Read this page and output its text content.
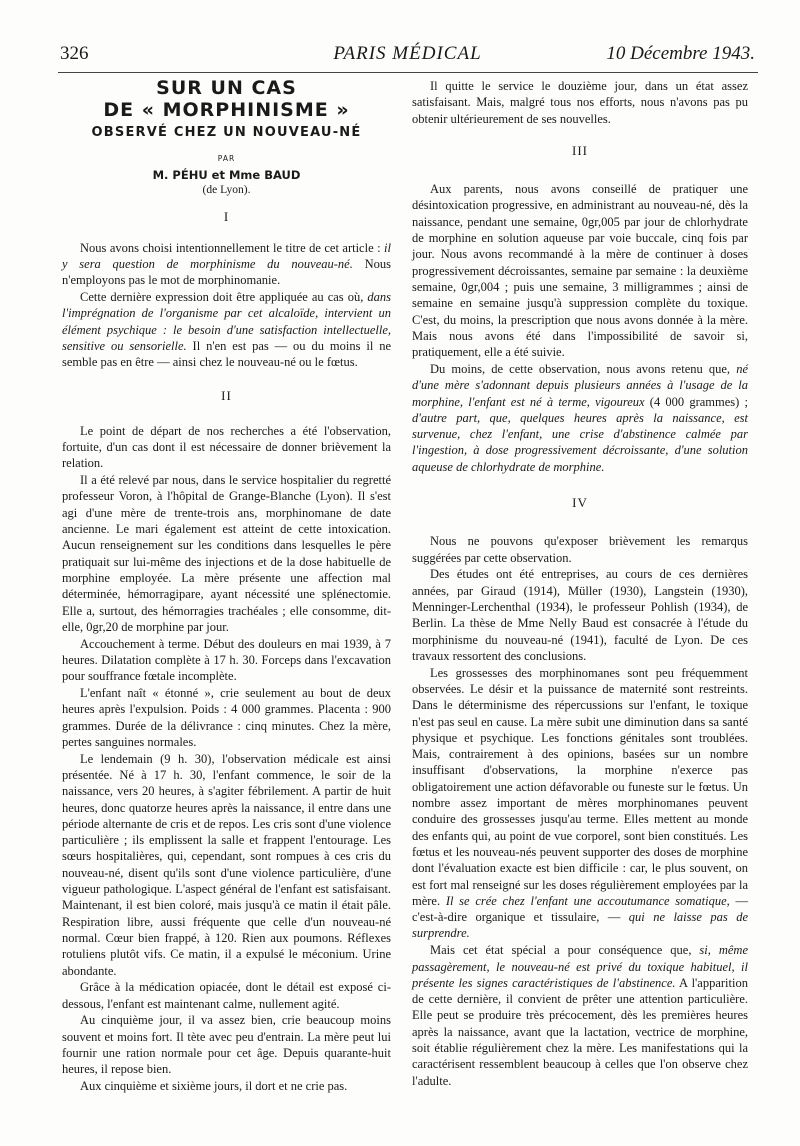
326	PARIS MÉDICAL	10 Décembre 1943.
SUR UN CAS
DE « MORPHINISME »
OBSERVÉ CHEZ UN NOUVEAU-NÉ
PAR
M. PÉHU et Mme BAUD
(de Lyon).
I

Nous avons choisi intentionnellement le titre de cet article : il y sera question de morphinisme du nouveau-né. Nous n'employons pas le mot de morphinomanie.

Cette dernière expression doit être appliquée au cas où, dans l'imprégnation de l'organisme par cet alcaloïde, intervient un élément psychique : le besoin d'une satisfaction intellectuelle, sensitive ou sensorielle. Il n'en est pas — ou du moins il ne semble pas en être — ainsi chez le nouveau-né ou le fœtus.

II

Le point de départ de nos recherches a été l'observation, fortuite, d'un cas dont il est nécessaire de donner brièvement la relation.

Il a été relevé par nous, dans le service hospitalier du regretté professeur Voron, à l'hôpital de Grange-Blanche (Lyon). Il s'est agi d'une mère de trente-trois ans, morphinomane de date ancienne. Le mari également est atteint de cette intoxication. Aucun renseignement sur les conditions dans lesquelles le père pratiquait sur lui-même des injections et de la dose habituelle de morphine employée. La mère présente une affection mal déterminée, hémorragipare, ayant nécessité une splénectomie. Elle a, surtout, des hémorragies trachéales ; elle consomme, dit-elle, 0gr,20 de morphine par jour.

Accouchement à terme. Début des douleurs en mai 1939, à 7 heures. Dilatation complète à 17 h. 30. Forceps dans l'excavation pour souffrance fœtale incomplète.

L'enfant naît « étonné », crie seulement au bout de deux heures après l'expulsion. Poids : 4 000 grammes. Placenta : 900 grammes. Durée de la délivrance : cinq minutes. Chez la mère, pertes sanguines normales.

Le lendemain (9 h. 30), l'observation médicale est ainsi présentée. Né à 17 h. 30, l'enfant commence, le soir de la naissance, vers 20 heures, à s'agiter fébrilement. A partir de huit heures, donc quatorze heures après la naissance, il entre dans une période alternante de cris et de repos. Les cris sont d'une violence particulière ; ils emplissent la salle et frappent l'entourage. Les sœurs hospitalières, qui, cependant, sont rompues à ces cris du nouveau-né, disent qu'ils sont d'une violence particulière, d'une vigueur pathologique. L'aspect général de l'enfant est satisfaisant. Maintenant, il est bien coloré, mais jusqu'à ce matin il était pâle. Respiration libre, aussi fréquente que celle d'un nouveau-né normal. Cœur bien frappé, à 120. Rien aux poumons. Réflexes rotuliens plutôt vifs. Ce matin, il a expulsé le méconium. Urine abondante.

Grâce à la médication opiacée, dont le détail est exposé ci-dessous, l'enfant est maintenant calme, nullement agité.

Au cinquième jour, il va assez bien, crie beaucoup moins souvent et moins fort. Il tète avec peu d'entrain. La mère peut lui fournir une ration normale pour cet âge. Depuis quarante-huit heures, il repose bien.

Aux cinquième et sixième jours, il dort et ne crie pas.

Il quitte le service le douzième jour, dans un état assez satisfaisant. Mais, malgré tous nos efforts, nous n'avons pas pu obtenir ultérieurement de ses nouvelles.

III

Aux parents, nous avons conseillé de pratiquer une désintoxication progressive, en administrant au nouveau-né, dès la naissance, pendant une semaine, 0gr,005 par jour de chlorhydrate de morphine en solution aqueuse par voie buccale, cinq fois par jour. Nous avons recommandé à la mère de continuer à doses progressivement décroissantes, semaine par semaine : la deuxième semaine, 0gr,004 ; puis une semaine, 3 milligrammes ; ainsi de semaine en semaine jusqu'à suppression complète du toxique. C'est, du moins, la prescription que nous avons donnée à la mère. Mais nous avons été dans l'impossibilité de savoir si, pratiquement, elle a été suivie.

Du moins, de cette observation, nous avons retenu que, né d'une mère s'adonnant depuis plusieurs années à l'usage de la morphine, l'enfant est né à terme, vigoureux (4 000 grammes) ; d'autre part, que, quelques heures après la naissance, est survenue, chez l'enfant, une crise d'abstinence calmée par l'ingestion, à dose progressivement décroissante, d'une solution aqueuse de chlorhydrate de morphine.

IV

Nous ne pouvons qu'exposer brièvement les remarqus suggérées par cette observation.

Des études ont été entreprises, au cours de ces dernières années, par Giraud (1914), Müller (1930), Langstein (1930), Menninger-Lerchenthal (1934), le professeur Pohlish (1934), de Berlin. La thèse de Mme Nelly Baud est consacrée à l'étude du morphinisme du nouveau-né (1941), faculté de Lyon. De ces travaux ressortent des conclusions.

Les grossesses des morphinomanes sont peu fréquemment observées. Le désir et la puissance de maternité sont restreints. Dans le déterminisme des répercussions sur l'enfant, le toxique n'est pas seul en cause. La mère subit une diminution dans sa santé physique et psychique. Les fonctions génitales sont troublées. Mais, contrairement à des opinions, basées sur un nombre insuffisant d'observations, la morphine n'exerce pas obligatoirement une action défavorable ou funeste sur le fœtus. Un nombre assez important de mères morphinomanes peuvent conduire des grossesses jusqu'au terme. Elles mettent au monde des enfants qui, au point de vue corporel, sont bien constitués. Les fœtus et les nouveau-nés peuvent supporter des doses de morphine dont l'évaluation exacte est bien difficile : car, le plus souvent, on est fort mal renseigné sur les doses régulièrement employées par la mère. Il se crée chez l'enfant une accoutumance somatique, — c'est-à-dire organique et tissulaire, — qui ne laisse pas de surprendre.

Mais cet état spécial a pour conséquence que, si, même passagèrement, le nouveau-né est privé du toxique habituel, il présente les signes caractéristiques de l'abstinence. A l'apparition de cette dernière, il convient de prêter une attention particulière. Elle peut se produire très précocement, dès les premières heures après la naissance, avant que la lactation, vectrice de morphine, soit établie régulièrement chez la mère. Les manifestations qui la caractérisent ressemblent beaucoup à celles que l'on observe chez l'adulte.
